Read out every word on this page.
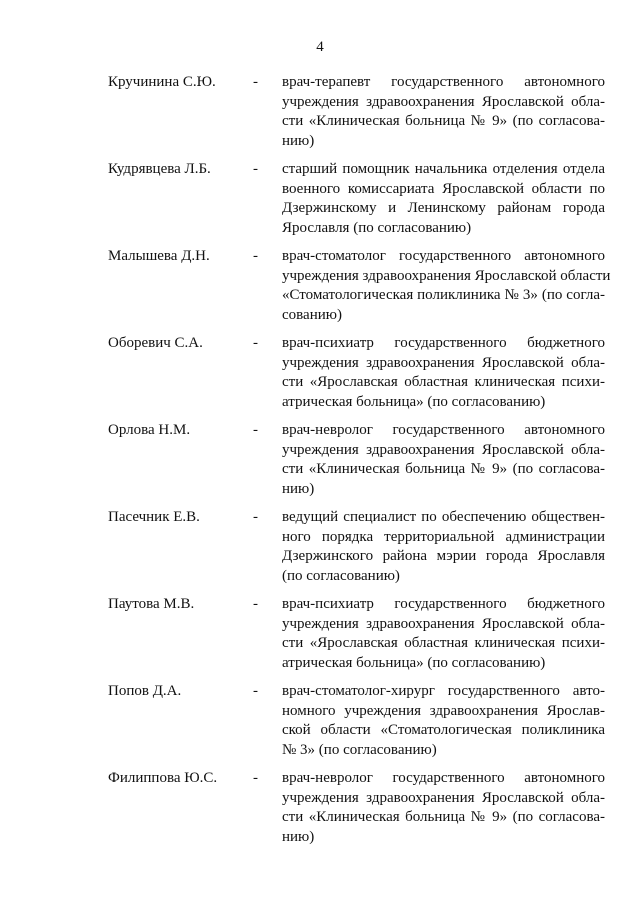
4
Кручинина С.Ю. - врач-терапевт государственного автономного
учреждения здравоохранения Ярославской обла-
сти «Клиническая больница № 9» (по согласова-
нию)
Кудрявцева Л.Б.	- старший помощник начальника отделения отдела
военного комиссариата Ярославской области по
Дзержинскому и Ленинскому районам города
Ярославля (по согласованию)
Малышева Д.Н.	- врач-стоматолог государственного автономного
учреждения здравоохранения Ярославской области
«Стоматологическая поликлиника № 3» (по согла-
сованию)
Оборевич С.А.	- врач-психиатр государственного бюджетного
учреждения здравоохранения Ярославской обла-
сти «Ярославская областная клиническая психи-
атрическая больница» (по согласованию)
Орлова Н.М.	- врач-невролог государственного автономного
учреждения здравоохранения Ярославской обла-
сти «Клиническая больница № 9» (по согласова-
нию)
Пасечник Е.В.	- ведущий специалист по обеспечению обществен-
ного порядка территориальной администрации
Дзержинского района мэрии города Ярославля
(по согласованию)
Паутова М.В.	- врач-психиатр государственного бюджетного
учреждения здравоохранения Ярославской обла-
сти «Ярославская областная клиническая психи-
атрическая больница» (по согласованию)
Попов Д.А.	- врач-стоматолог-хирург государственного авто-
номного учреждения здравоохранения Ярослав-
ской области «Стоматологическая поликлиника
№ 3» (по согласованию)
Филиппова Ю.С. - врач-невролог государственного автономного
учреждения здравоохранения Ярославской обла-
сти «Клиническая больница № 9» (по согласова-
нию)
